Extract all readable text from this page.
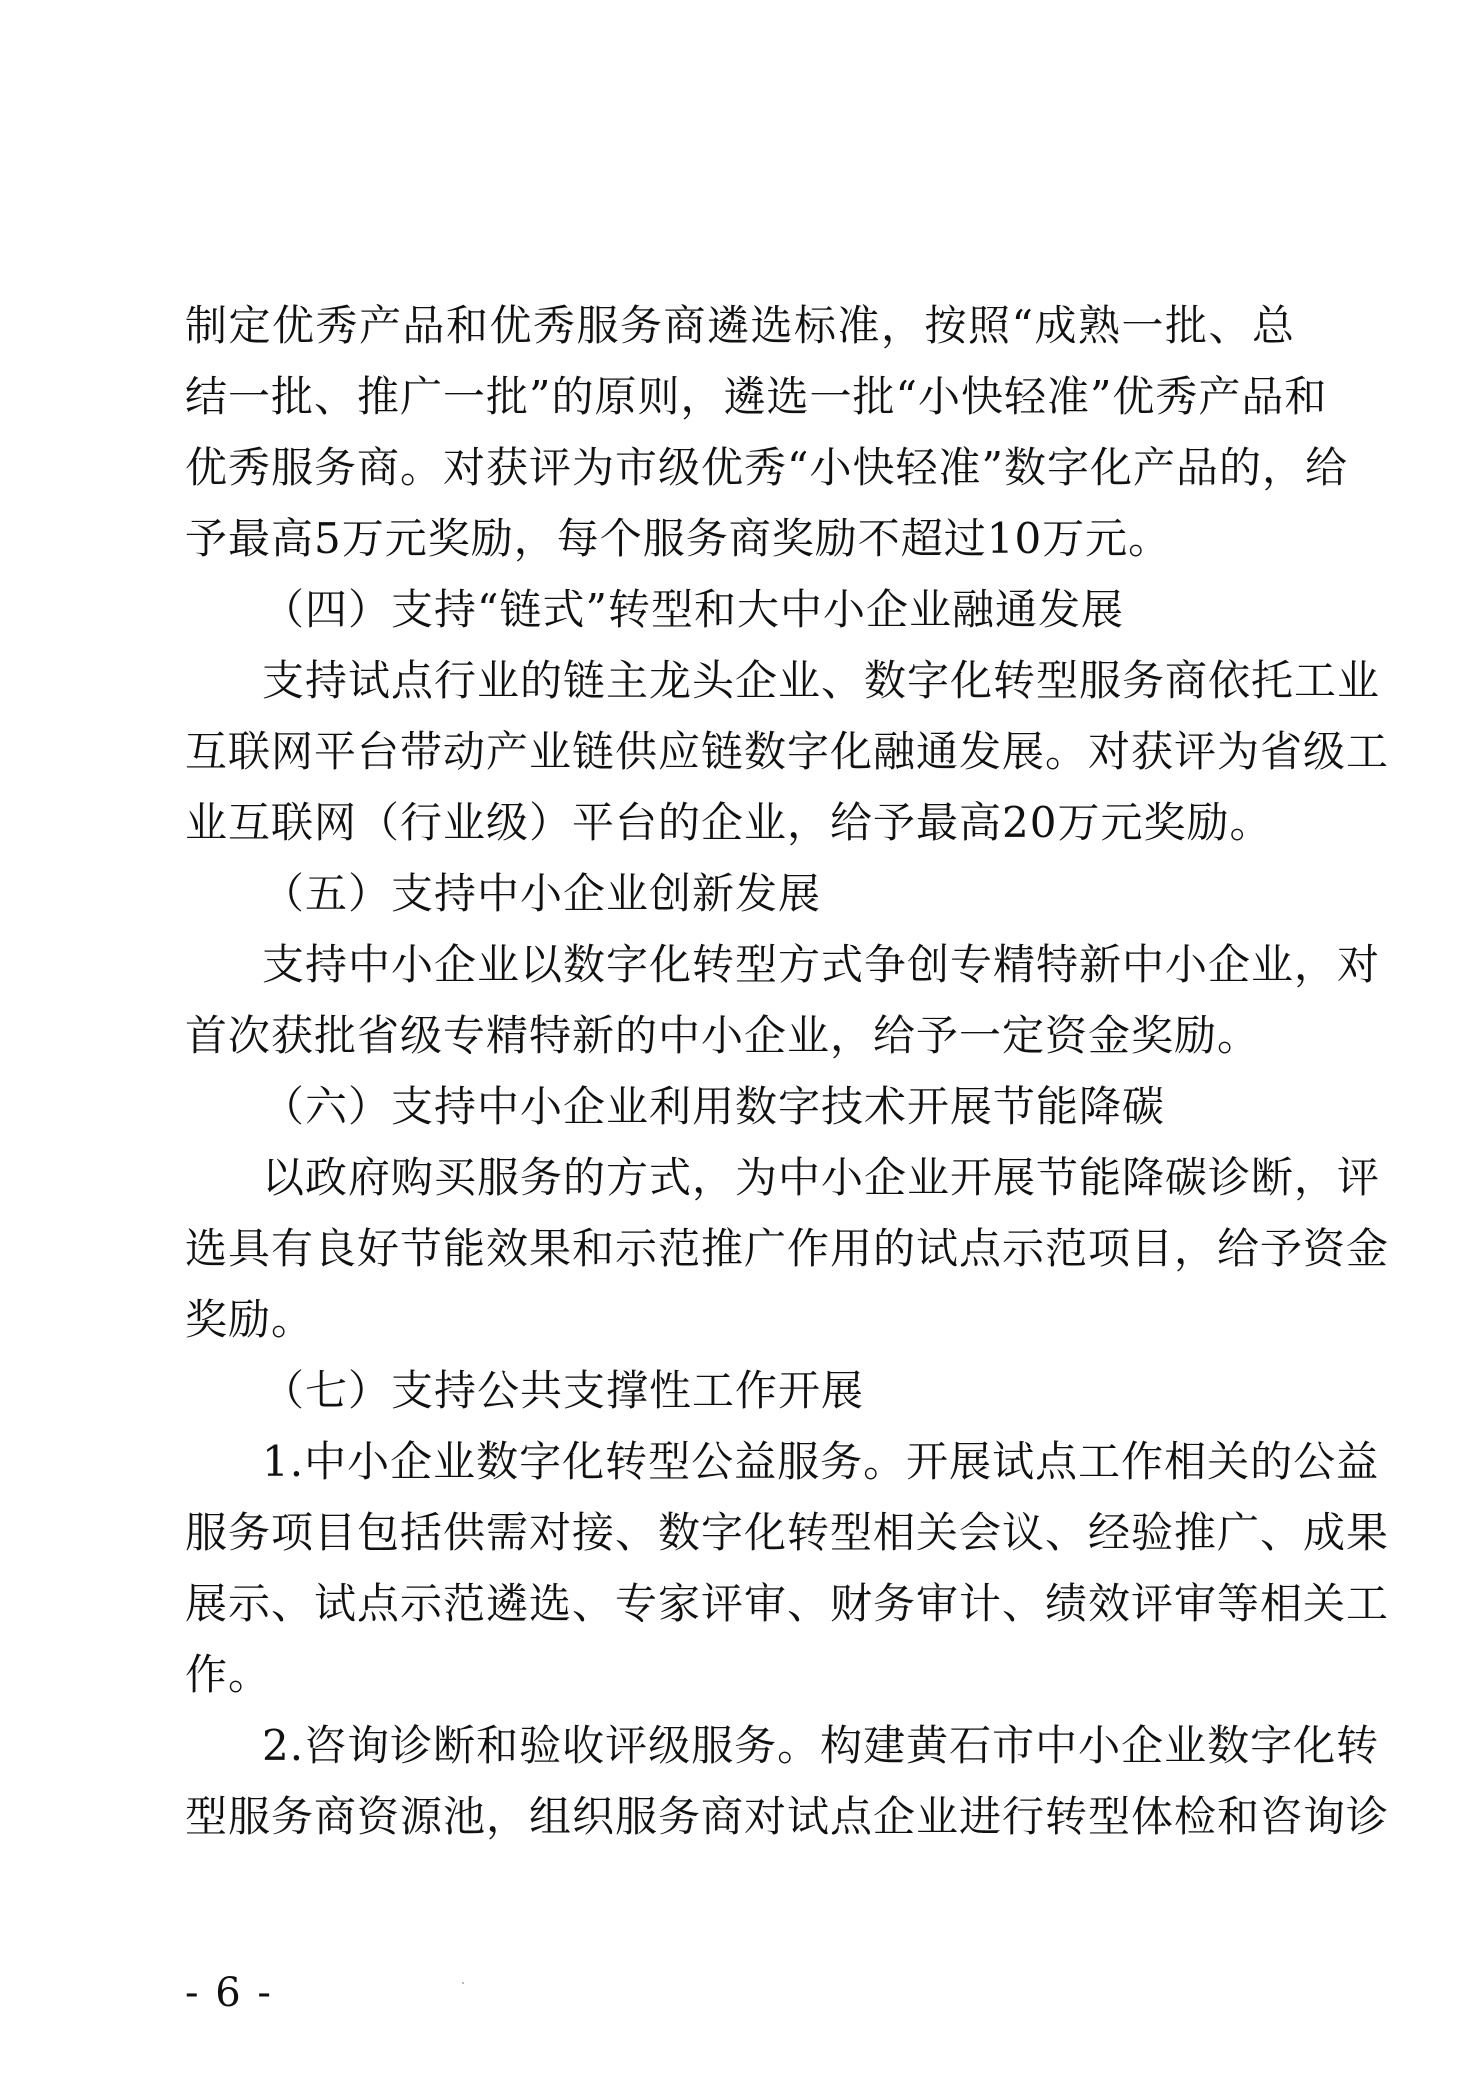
制定优秀产品和优秀服务商遴选标准，按照“成熟一批、总
结一批、推广一批”的原则，遴选一批“小快轻准”优秀产品和
优秀服务商。对获评为市级优秀“小快轻准”数字化产品的，给
予最高5万元奖励，每个服务商奖励不超过10万元。
（四）支持“链式”转型和大中小企业融通发展
支持试点行业的链主龙头企业、数字化转型服务商依托工业
互联网平台带动产业链供应链数字化融通发展。对获评为省级工
业互联网（行业级）平台的企业，给予最高20万元奖励。
（五）支持中小企业创新发展
支持中小企业以数字化转型方式争创专精特新中小企业，对
首次获批省级专精特新的中小企业，给予一定资金奖励。
（六）支持中小企业利用数字技术开展节能降碳
以政府购买服务的方式，为中小企业开展节能降碳诊断，评
选具有良好节能效果和示范推广作用的试点示范项目，给予资金
奖励。
（七）支持公共支撑性工作开展
1.中小企业数字化转型公益服务。开展试点工作相关的公益
服务项目包括供需对接、数字化转型相关会议、经验推广、成果
展示、试点示范遴选、专家评审、财务审计、绩效评审等相关工
作。
2.咨询诊断和验收评级服务。构建黄石市中小企业数字化转
型服务商资源池，组织服务商对试点企业进行转型体检和咨询诊
- 6 -
